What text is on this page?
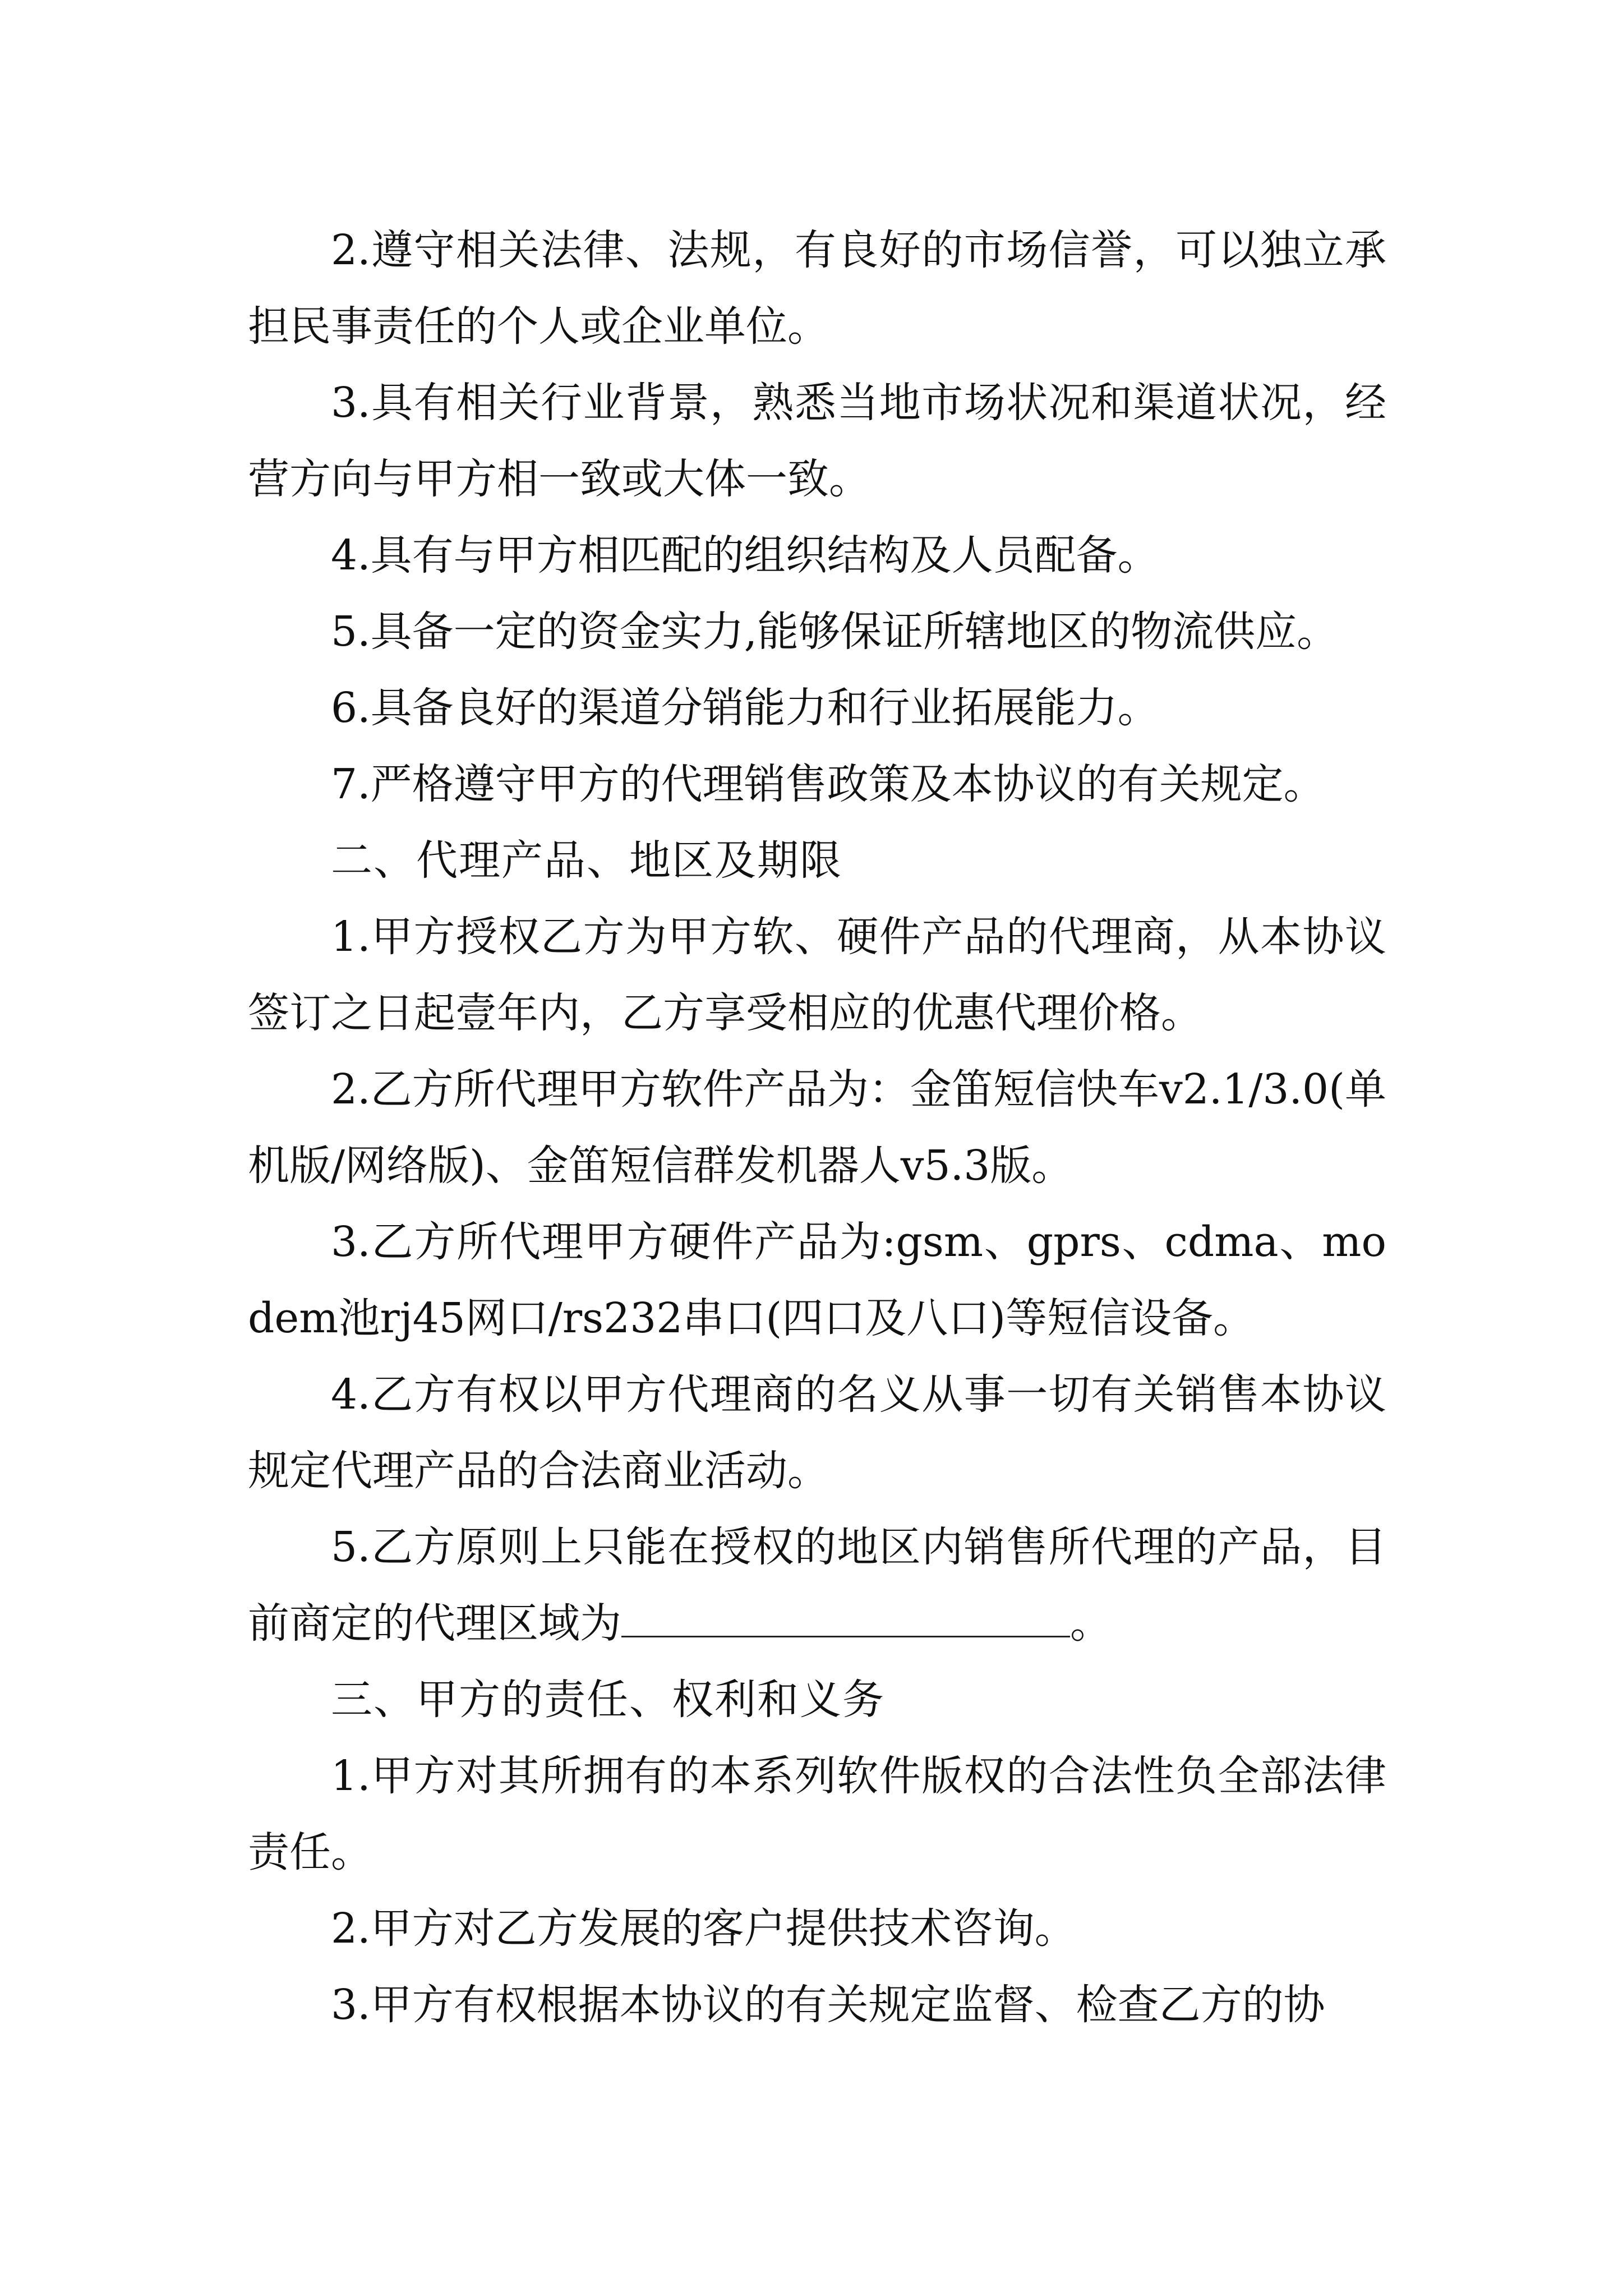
2.遵守相关法律、法规，有良好的市场信誉，可以独立承担民事责任的个人或企业单位。

3.具有相关行业背景，熟悉当地市场状况和渠道状况，经营方向与甲方相一致或大体一致。

4.具有与甲方相匹配的组织结构及人员配备。

5.具备一定的资金实力,能够保证所辖地区的物流供应。

6.具备良好的渠道分销能力和行业拓展能力。

7.严格遵守甲方的代理销售政策及本协议的有关规定。

二、代理产品、地区及期限

1.甲方授权乙方为甲方软、硬件产品的代理商，从本协议签订之日起壹年内，乙方享受相应的优惠代理价格。

2.乙方所代理甲方软件产品为：金笛短信快车v2.1/3.0(单机版/网络版)、金笛短信群发机器人v5.3版。

3.乙方所代理甲方硬件产品为:gsm、gprs、cdma、modem池rj45网口/rs232串口(四口及八口)等短信设备。

4.乙方有权以甲方代理商的名义从事一切有关销售本协议规定代理产品的合法商业活动。

5.乙方原则上只能在授权的地区内销售所代理的产品，目前商定的代理区域为	。

三、甲方的责任、权利和义务

1.甲方对其所拥有的本系列软件版权的合法性负全部法律责任。

2.甲方对乙方发展的客户提供技术咨询。

3.甲方有权根据本协议的有关规定监督、检查乙方的协
